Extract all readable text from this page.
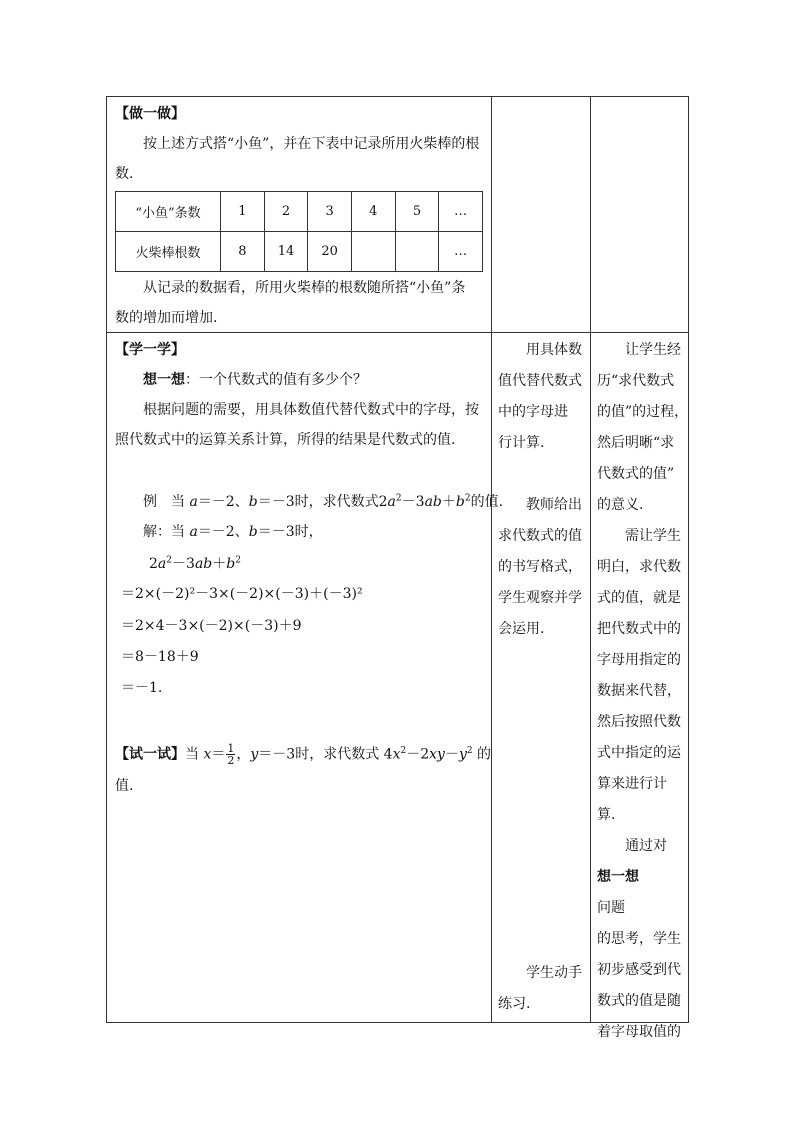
【做一做】
按上述方式搭“小鱼”，并在下表中记录所用火柴棒的根
数.
“小鱼”条数	1	2	3	4	5	…
火柴棒根数	8	14	20			…
从记录的数据看，所用火柴棒的根数随所搭“小鱼”条
数的增加而增加.

【学一学】
想一想：一个代数式的值有多少个？
根据问题的需要，用具体数值代替代数式中的字母，按
照代数式中的运算关系计算，所得的结果是代数式的值.
例　当 a＝－2、b＝－3时，求代数式$2a^2-3ab+b^2$的值.
解：当 a＝－2、b＝－3时，
$2a^2-3ab+b^2$
＝2×(－2)²－3×(－2)×(－3)＋(－3)²
＝2×4－3×(－2)×(－3)＋9
＝8－18＋9
＝－1.
【试一试】当 $x= \frac{1}{2}$ ，y＝－3时，求代数式 $4x^2-2xy-y^2$ 的
值.

　　用具体数
值代替代数式
中的字母进
行计算.
　　教师给出
求代数式的值
的书写格式，
学生观察并学
会运用.
　　学生动手
练习.

　　让学生经
历“求代数式
的值”的过程，
然后明晰“求
代数式的值”
的意义.
　　需让学生
明白，求代数
式的值，就是
把代数式中的
字母用指定的
数据来代替，
然后按照代数
式中指定的运
算来进行计
算.
　　通过对
想一想
问题
的思考，学生
初步感受到代
数式的值是随
着字母取值的
